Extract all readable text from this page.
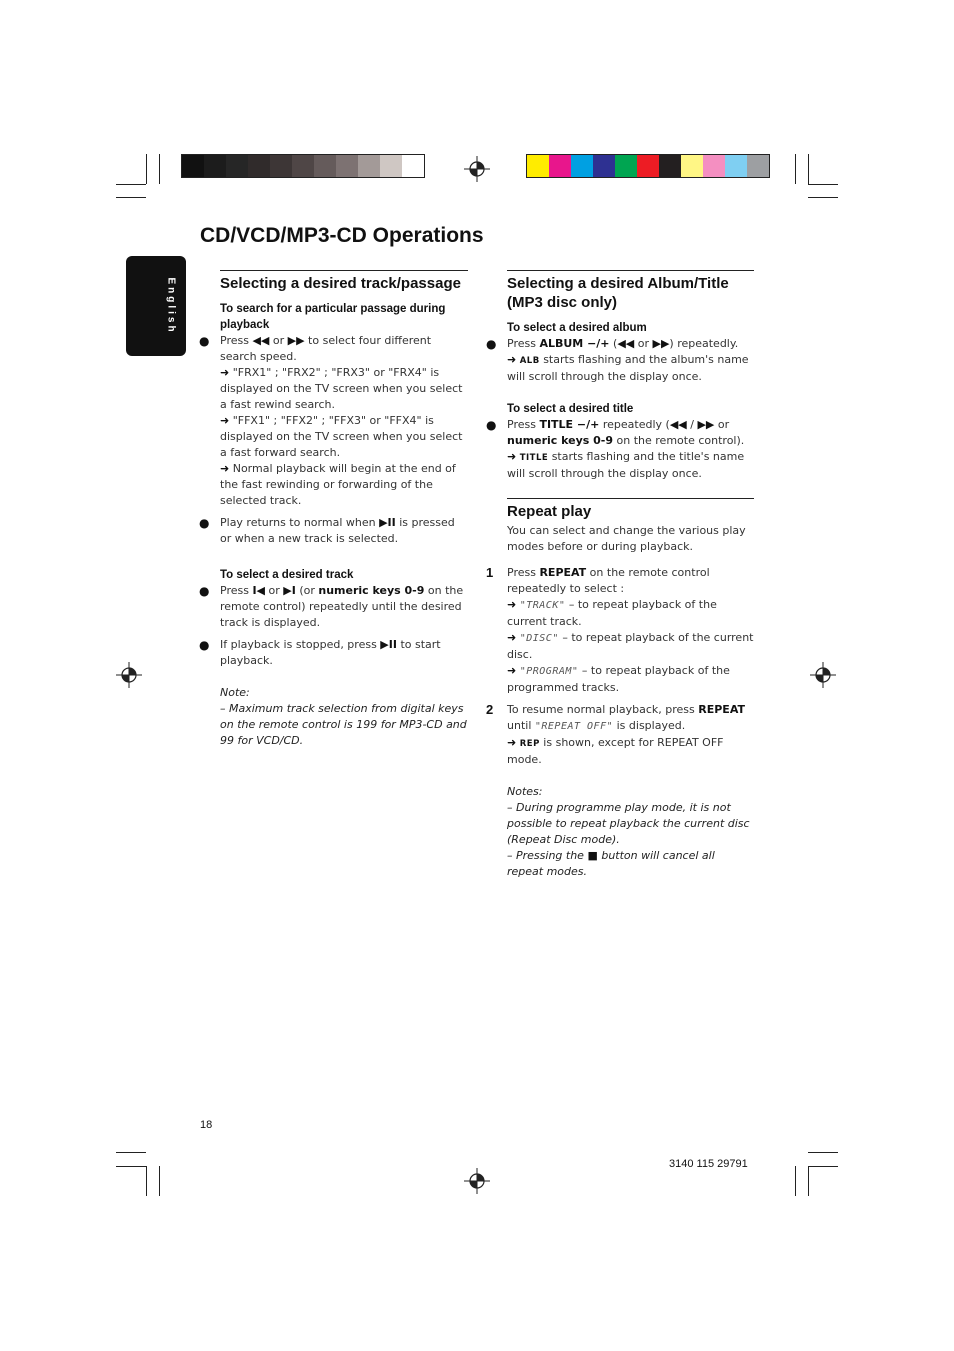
CD/VCD/MP3-CD Operations
English	Selecting a desired track/passage
To search for a particular passage during playback
● Press ◀◀ or ▶▶ to select four different search speed.
➜ "FRX1" ; "FRX2" ; "FRX3" or "FRX4" is displayed on the TV screen when you select a fast rewind search.
➜ "FFX1" ; "FFX2" ; "FFX3" or "FFX4" is displayed on the TV screen when you select a fast forward search.
➜ Normal playback will begin at the end of the fast rewinding or forwarding of the selected track.
● Play returns to normal when ▶II is pressed or when a new track is selected.
To select a desired track
● Press I◀ or ▶I (or numeric keys 0-9 on the remote control) repeatedly until the desired track is displayed.
● If playback is stopped, press ▶II to start playback.
Note:
– Maximum track selection from digital keys on the remote control is 199 for MP3-CD and 99 for VCD/CD.
Selecting a desired Album/Title (MP3 disc only)
To select a desired album
● Press ALBUM −/+ (◀◀ or ▶▶) repeatedly.
➜ ALB starts flashing and the album's name will scroll through the display once.
To select a desired title
● Press TITLE −/+ repeatedly (◀◀ / ▶▶ or numeric keys 0-9 on the remote control).
➜ TITLE starts flashing and the title's name will scroll through the display once.
Repeat play
You can select and change the various play modes before or during playback.
1 Press REPEAT on the remote control repeatedly to select :
➜ "TRACK" – to repeat playback of the current track.
➜ "DISC" – to repeat playback of the current disc.
➜ "PROGRAM" – to repeat playback of the programmed tracks.
2 To resume normal playback, press REPEAT until "REPEAT OFF" is displayed.
➜ REP is shown, except for REPEAT OFF mode.
Notes:
– During programme play mode, it is not possible to repeat playback the current disc (Repeat Disc mode).
– Pressing the ■ button will cancel all repeat modes.
18
3140 115 29791
